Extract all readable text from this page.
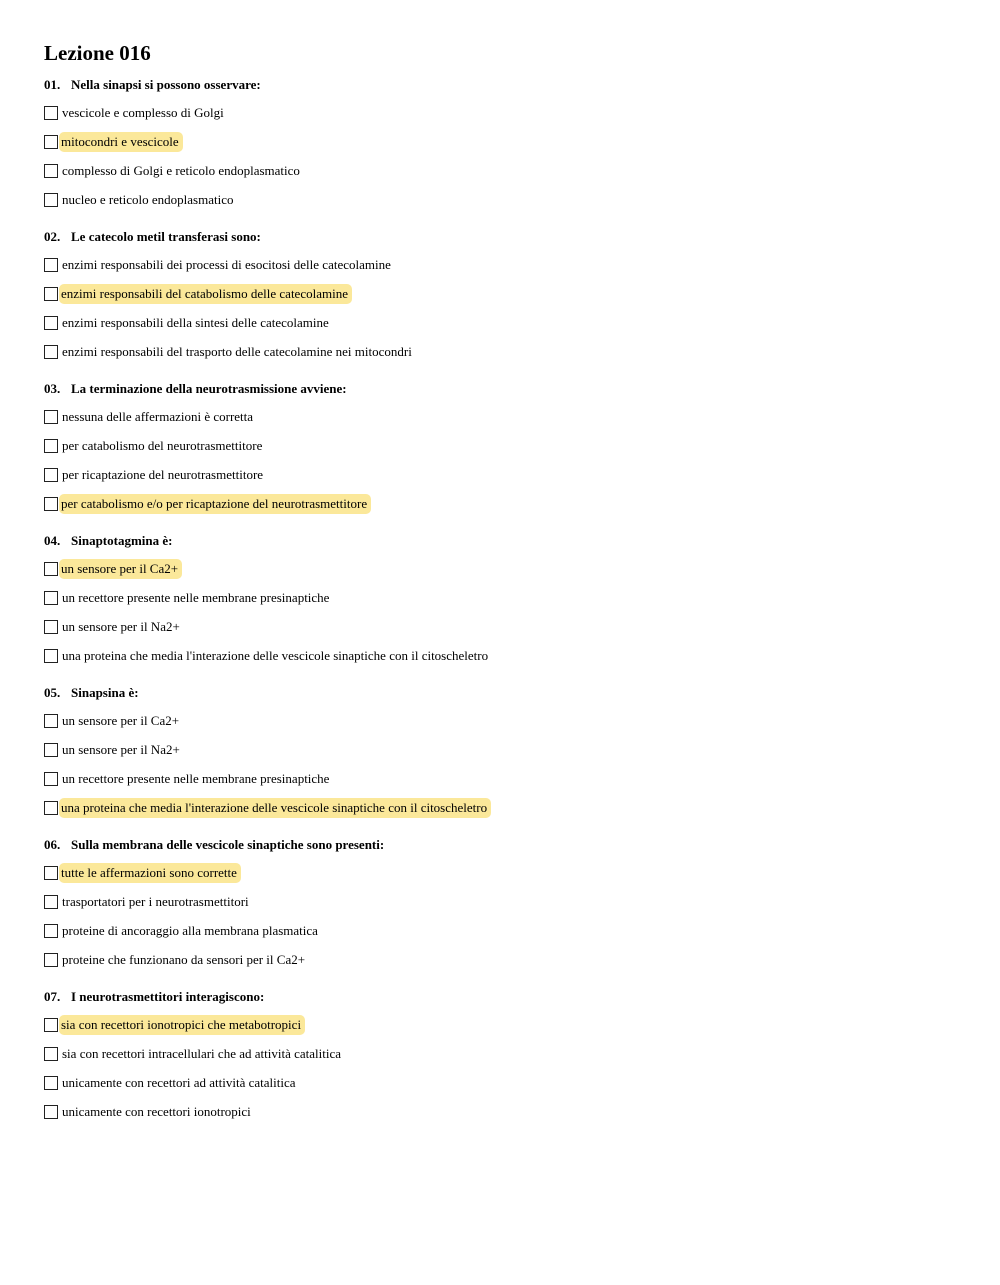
Lezione 016
01. Nella sinapsi si possono osservare:
vescicole e complesso di Golgi
mitocondri e vescicole
complesso di Golgi e reticolo endoplasmatico
nucleo e reticolo endoplasmatico
02. Le catecolo metil transferasi sono:
enzimi responsabili dei processi di esocitosi delle catecolamine
enzimi responsabili del catabolismo delle catecolamine
enzimi responsabili della sintesi delle catecolamine
enzimi responsabili del trasporto delle catecolamine nei mitocondri
03. La terminazione della neurotrasmissione avviene:
nessuna delle affermazioni è corretta
per catabolismo del neurotrasmettitore
per ricaptazione del neurotrasmettitore
per catabolismo e/o per ricaptazione del neurotrasmettitore
04. Sinaptotagmina è:
un sensore per il Ca2+
un recettore presente nelle membrane presinaptiche
un sensore per il Na2+
una proteina che media l'interazione delle vescicole sinaptiche con il citoscheletro
05. Sinapsina è:
un sensore per il Ca2+
un sensore per il Na2+
un recettore presente nelle membrane presinaptiche
una proteina che media l'interazione delle vescicole sinaptiche con il citoscheletro
06. Sulla membrana delle vescicole sinaptiche sono presenti:
tutte le affermazioni sono corrette
trasportatori per i neurotrasmettitori
proteine di ancoraggio alla membrana plasmatica
proteine che funzionano da sensori per il Ca2+
07. I neurotrasmettitori interagiscono:
sia con recettori ionotropici che metabotropici
sia con recettori intracellulari che ad attività catalitica
unicamente con recettori ad attività catalitica
unicamente con recettori ionotropici
